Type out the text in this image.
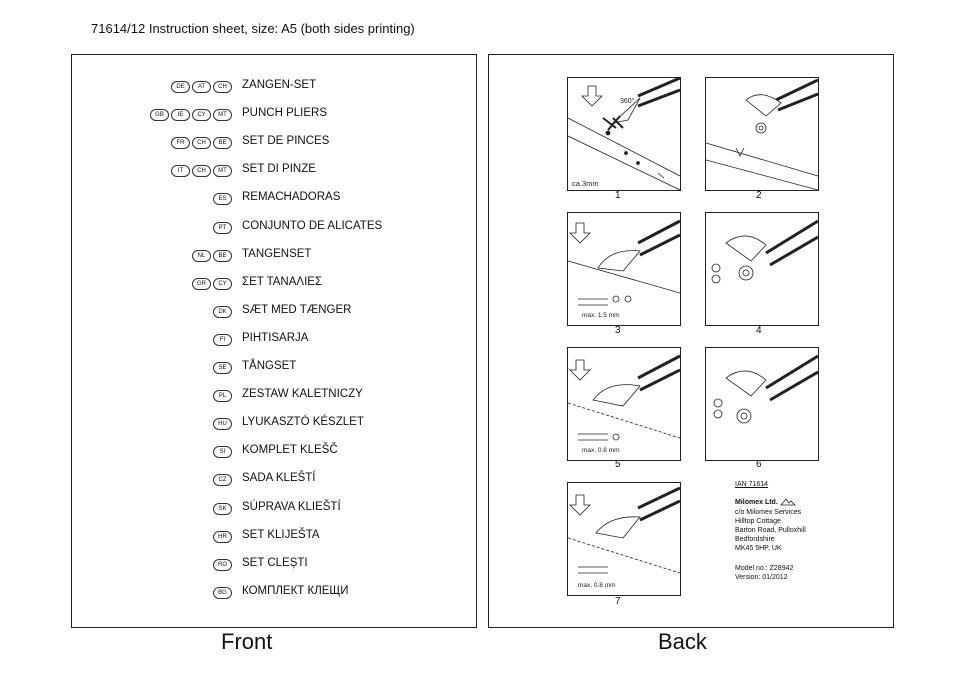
71614/12 Instruction sheet, size: A5 (both sides printing)
DE	AT	CH	ZANGEN-SET
GB	IE	CY	MT	PUNCH PLIERS
FR	CH	BE	SET DE PINCES
IT	CH	MT	SET DI PINZE
ES	REMACHADORAS
PT	CONJUNTO DE ALICATES
NL	BE	TANGENSET
GR	CY	ΣΕΤ ΤΑΝΑΛΙΕΣ
DK	SÆT MED TÆNGER
FI	PIHTISARJA
SE	TÅNGSET
PL	ZESTAW KALETNICZY
HU	LYUKASZTÓ KÉSZLET
SI	KOMPLET KLEŠČ
CZ	SADA KLEŠTÍ
SK	SÚPRAVA KLIEŠTÍ
HR	SET KLIJEŠTA
RO	SET CLEȘTI
BG	КОМПЛЕКТ КЛЕЩИ
Front
360°
ca.3mm
max. 1.5 mm
max. 0.8 mm
max. 0.8 mm
1	2
3	4
5	6
7
IAN 71614
Milomex Ltd.
c/o Milomex Services
Hilltop Cottage
Barton Road, Pulloxhill
Bedfordshire
MK45 5HP, UK
Model no.: Z28942
Version: 01/2012
Back
